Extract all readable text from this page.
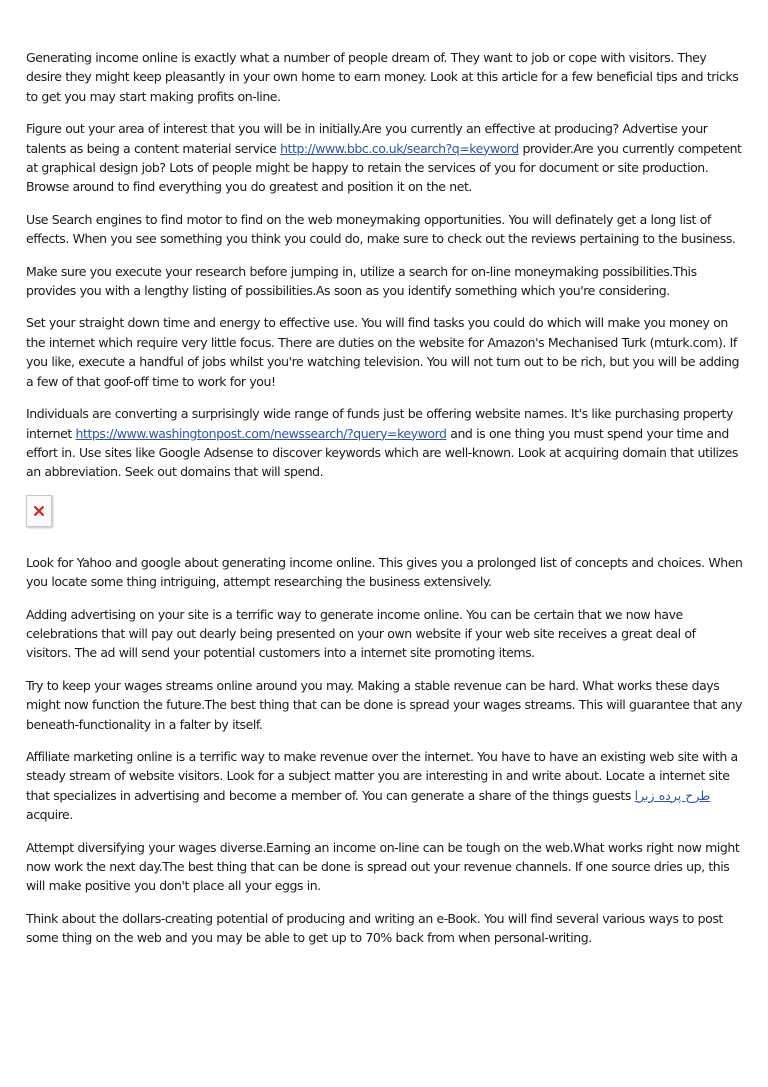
Generating income online is exactly what a number of people dream of. They want to job or cope with visitors. They desire they might keep pleasantly in your own home to earn money. Look at this article for a few beneficial tips and tricks to get you may start making profits on-line.

Figure out your area of interest that you will be in initially.Are you currently an effective at producing? Advertise your talents as being a content material service http://www.bbc.co.uk/search?q=keyword provider.Are you currently competent at graphical design job? Lots of people might be happy to retain the services of you for document or site production. Browse around to find everything you do greatest and position it on the net.

Use Search engines to find motor to find on the web moneymaking opportunities. You will definately get a long list of effects. When you see something you think you could do, make sure to check out the reviews pertaining to the business.

Make sure you execute your research before jumping in, utilize a search for on-line moneymaking possibilities.This provides you with a lengthy listing of possibilities.As soon as you identify something which you're considering.

Set your straight down time and energy to effective use. You will find tasks you could do which will make you money on the internet which require very little focus. There are duties on the website for Amazon's Mechanised Turk (mturk.com). If you like, execute a handful of jobs whilst you're watching television. You will not turn out to be rich, but you will be adding a few of that goof-off time to work for you!

Individuals are converting a surprisingly wide range of funds just be offering website names. It's like purchasing property internet https://www.washingtonpost.com/newssearch/?query=keyword and is one thing you must spend your time and effort in. Use sites like Google Adsense to discover keywords which are well-known. Look at acquiring domain that utilizes an abbreviation. Seek out domains that will spend.

Look for Yahoo and google about generating income online. This gives you a prolonged list of concepts and choices. When you locate some thing intriguing, attempt researching the business extensively.

Adding advertising on your site is a terrific way to generate income online. You can be certain that we now have celebrations that will pay out dearly being presented on your own website if your web site receives a great deal of visitors. The ad will send your potential customers into a internet site promoting items.

Try to keep your wages streams online around you may. Making a stable revenue can be hard. What works these days might now function the future.The best thing that can be done is spread your wages streams. This will guarantee that any beneath-functionality in a falter by itself.

Affiliate marketing online is a terrific way to make revenue over the internet. You have to have an existing web site with a steady stream of website visitors. Look for a subject matter you are interesting in and write about. Locate a internet site that specializes in advertising and become a member of. You can generate a share of the things guests طرح پرده زبرا acquire.

Attempt diversifying your wages diverse.Earning an income on-line can be tough on the web.What works right now might now work the next day.The best thing that can be done is spread out your revenue channels. If one source dries up, this will make positive you don't place all your eggs in.

Think about the dollars-creating potential of producing and writing an e-Book. You will find several various ways to post some thing on the web and you may be able to get up to 70% back from when personal-writing.
